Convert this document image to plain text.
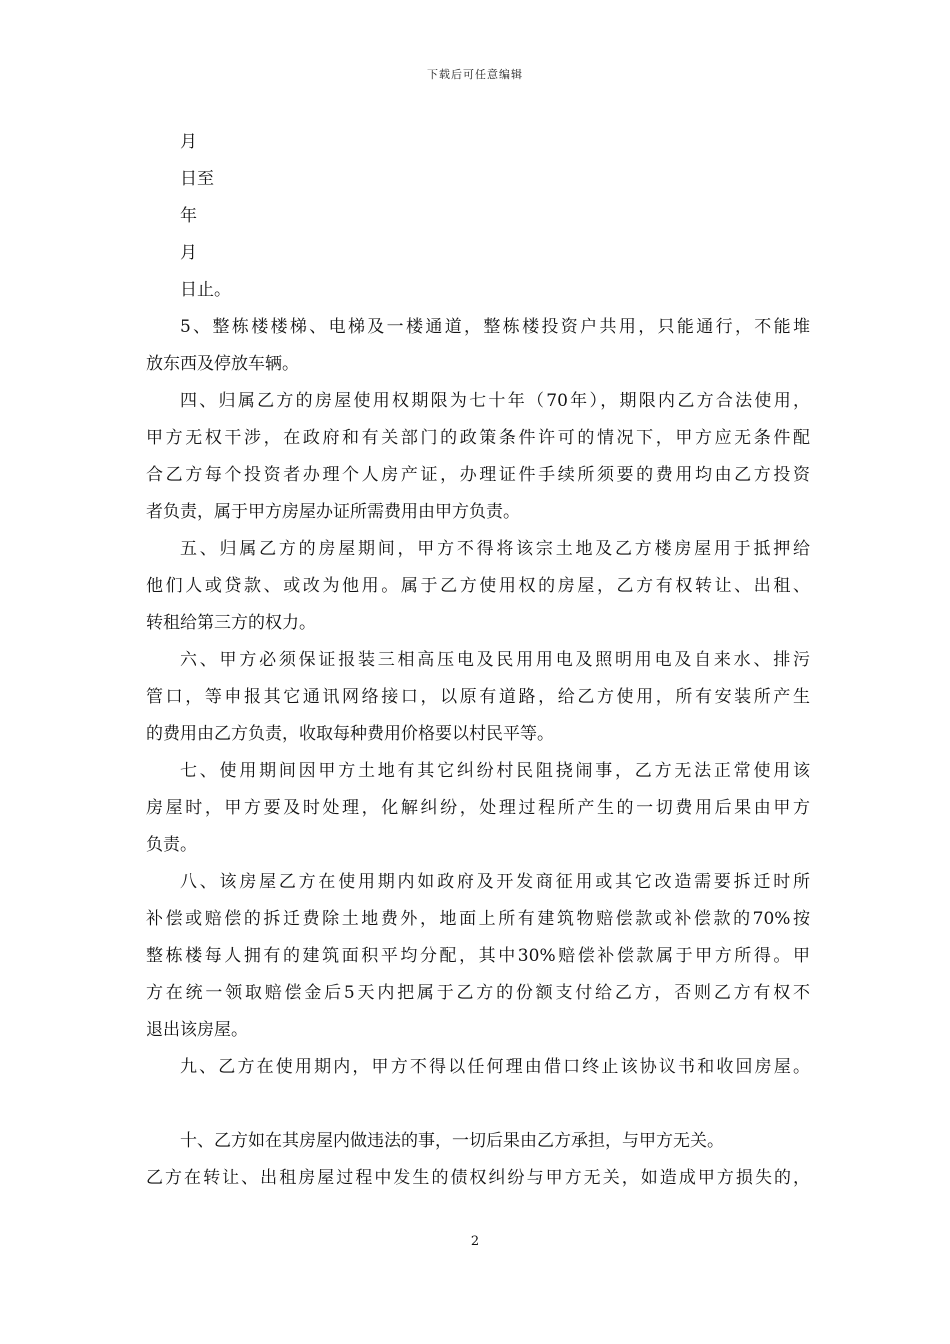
下载后可任意编辑
月
日至
年
月
日止。
5、整栋楼楼梯、电梯及一楼通道，整栋楼投资户共用，只能通行，不能堆
放东西及停放车辆。
四、归属乙方的房屋使用权期限为七十年（70年），期限内乙方合法使用，
甲方无权干涉，在政府和有关部门的政策条件许可的情况下，甲方应无条件配
合乙方每个投资者办理个人房产证，办理证件手续所须要的费用均由乙方投资
者负责，属于甲方房屋办证所需费用由甲方负责。
五、归属乙方的房屋期间，甲方不得将该宗土地及乙方楼房屋用于抵押给
他们人或贷款、或改为他用。属于乙方使用权的房屋，乙方有权转让、出租、
转租给第三方的权力。
六、甲方必须保证报装三相高压电及民用用电及照明用电及自来水、排污
管口，等申报其它通讯网络接口，以原有道路，给乙方使用，所有安装所产生
的费用由乙方负责，收取每种费用价格要以村民平等。
七、使用期间因甲方土地有其它纠纷村民阻挠闹事，乙方无法正常使用该
房屋时，甲方要及时处理，化解纠纷，处理过程所产生的一切费用后果由甲方
负责。
八、该房屋乙方在使用期内如政府及开发商征用或其它改造需要拆迁时所
补偿或赔偿的拆迁费除土地费外，地面上所有建筑物赔偿款或补偿款的70%按
整栋楼每人拥有的建筑面积平均分配，其中30%赔偿补偿款属于甲方所得。甲
方在统一领取赔偿金后5天内把属于乙方的份额支付给乙方，否则乙方有权不
退出该房屋。
九、乙方在使用期内，甲方不得以任何理由借口终止该协议书和收回房屋。
十、乙方如在其房屋内做违法的事，一切后果由乙方承担，与甲方无关。
乙方在转让、出租房屋过程中发生的债权纠纷与甲方无关，如造成甲方损失的，
2
